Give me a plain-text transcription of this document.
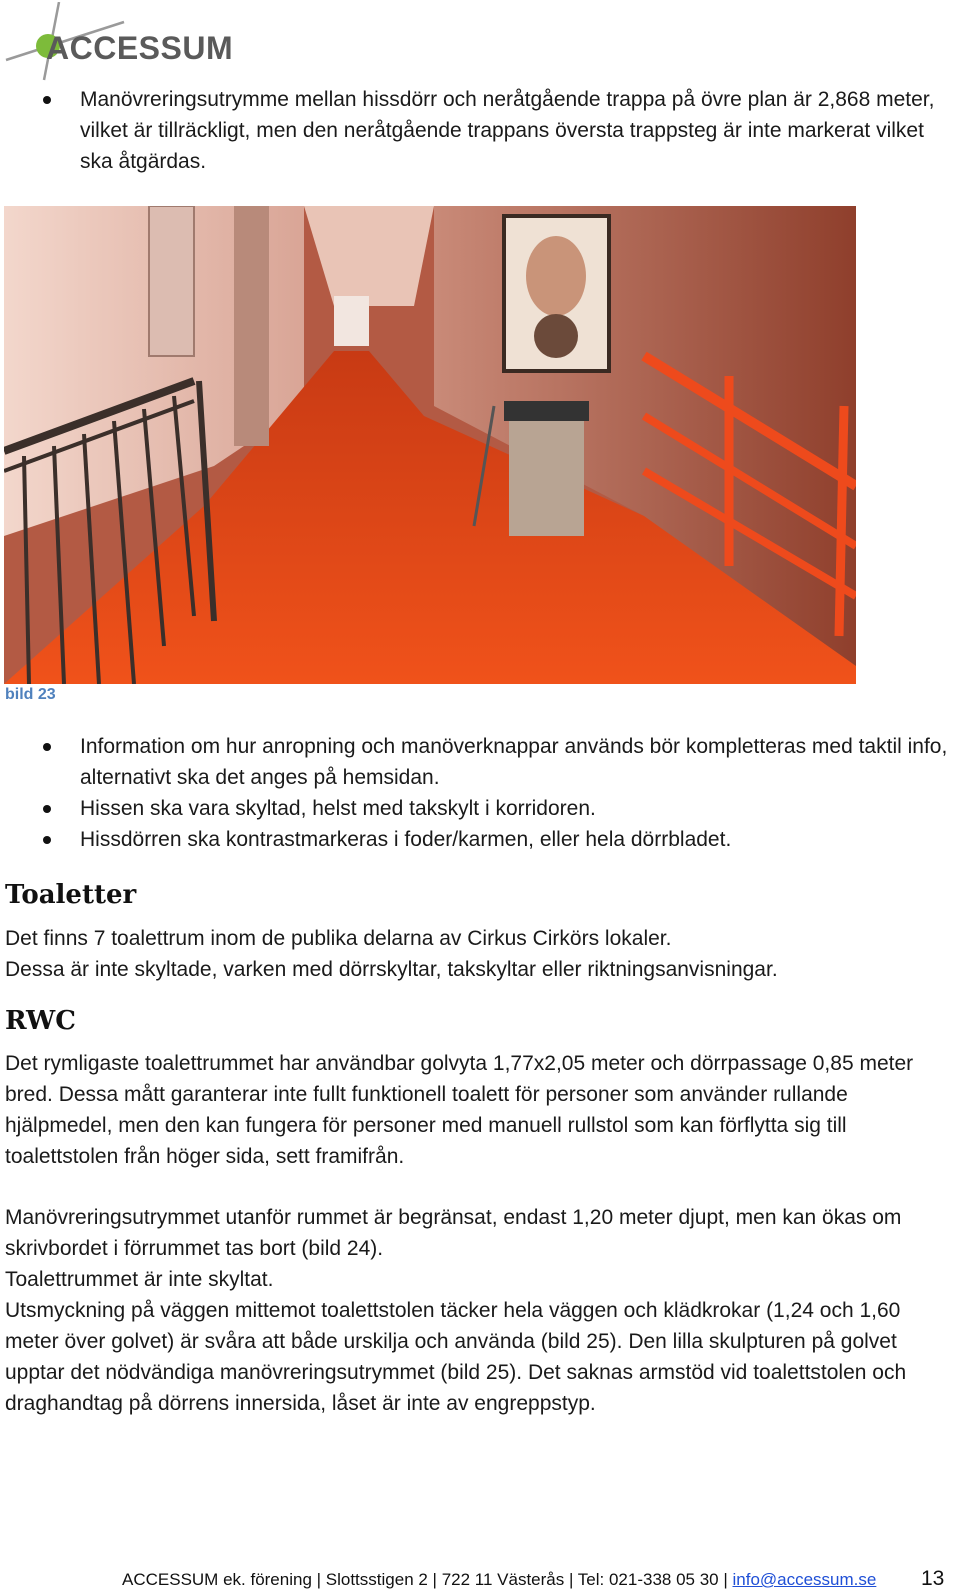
ACCESSUM
Manövreringsutrymme mellan hissdörr och neråtgående trappa på övre plan är 2,868 meter, vilket är tillräckligt, men den neråtgående trappans översta trappsteg är inte markerat vilket ska åtgärdas.
bild 23
Information om hur anropning och manöverknappar används bör kompletteras med taktil info, alternativt ska det anges på hemsidan.
Hissen ska vara skyltad, helst med takskylt i korridoren.
Hissdörren ska kontrastmarkeras i foder/karmen, eller hela dörrbladet.
Toaletter

Det finns 7 toalettrum inom de publika delarna av Cirkus Cirkörs lokaler.

Dessa är inte skyltade, varken med dörrskyltar, takskyltar eller riktningsanvisningar.

RWC

Det rymligaste toalettrummet har användbar golvyta 1,77x2,05 meter och dörrpassage 0,85 meter bred. Dessa mått garanterar inte fullt funktionell toalett för personer som använder rullande hjälpmedel, men den kan fungera för personer med manuell rullstol som kan förflytta sig till toalettstolen från höger sida, sett framifrån.

Manövreringsutrymmet utanför rummet är begränsat, endast 1,20 meter djupt, men kan ökas om skrivbordet i förrummet tas bort (bild 24).

Toalettrummet är inte skyltat.

Utsmyckning på väggen mittemot toalettstolen täcker hela väggen och klädkrokar (1,24 och 1,60 meter över golvet) är svåra att både urskilja och använda (bild 25). Den lilla skulpturen på golvet upptar det nödvändiga manövreringsutrymmet (bild 25). Det saknas armstöd vid toalettstolen och draghandtag på dörrens innersida, låset är inte av engreppstyp.

ACCESSUM ek. förening | Slottsstigen 2 | 722 11 Västerås | Tel: 021-338 05 30 | info@accessum.se 13
